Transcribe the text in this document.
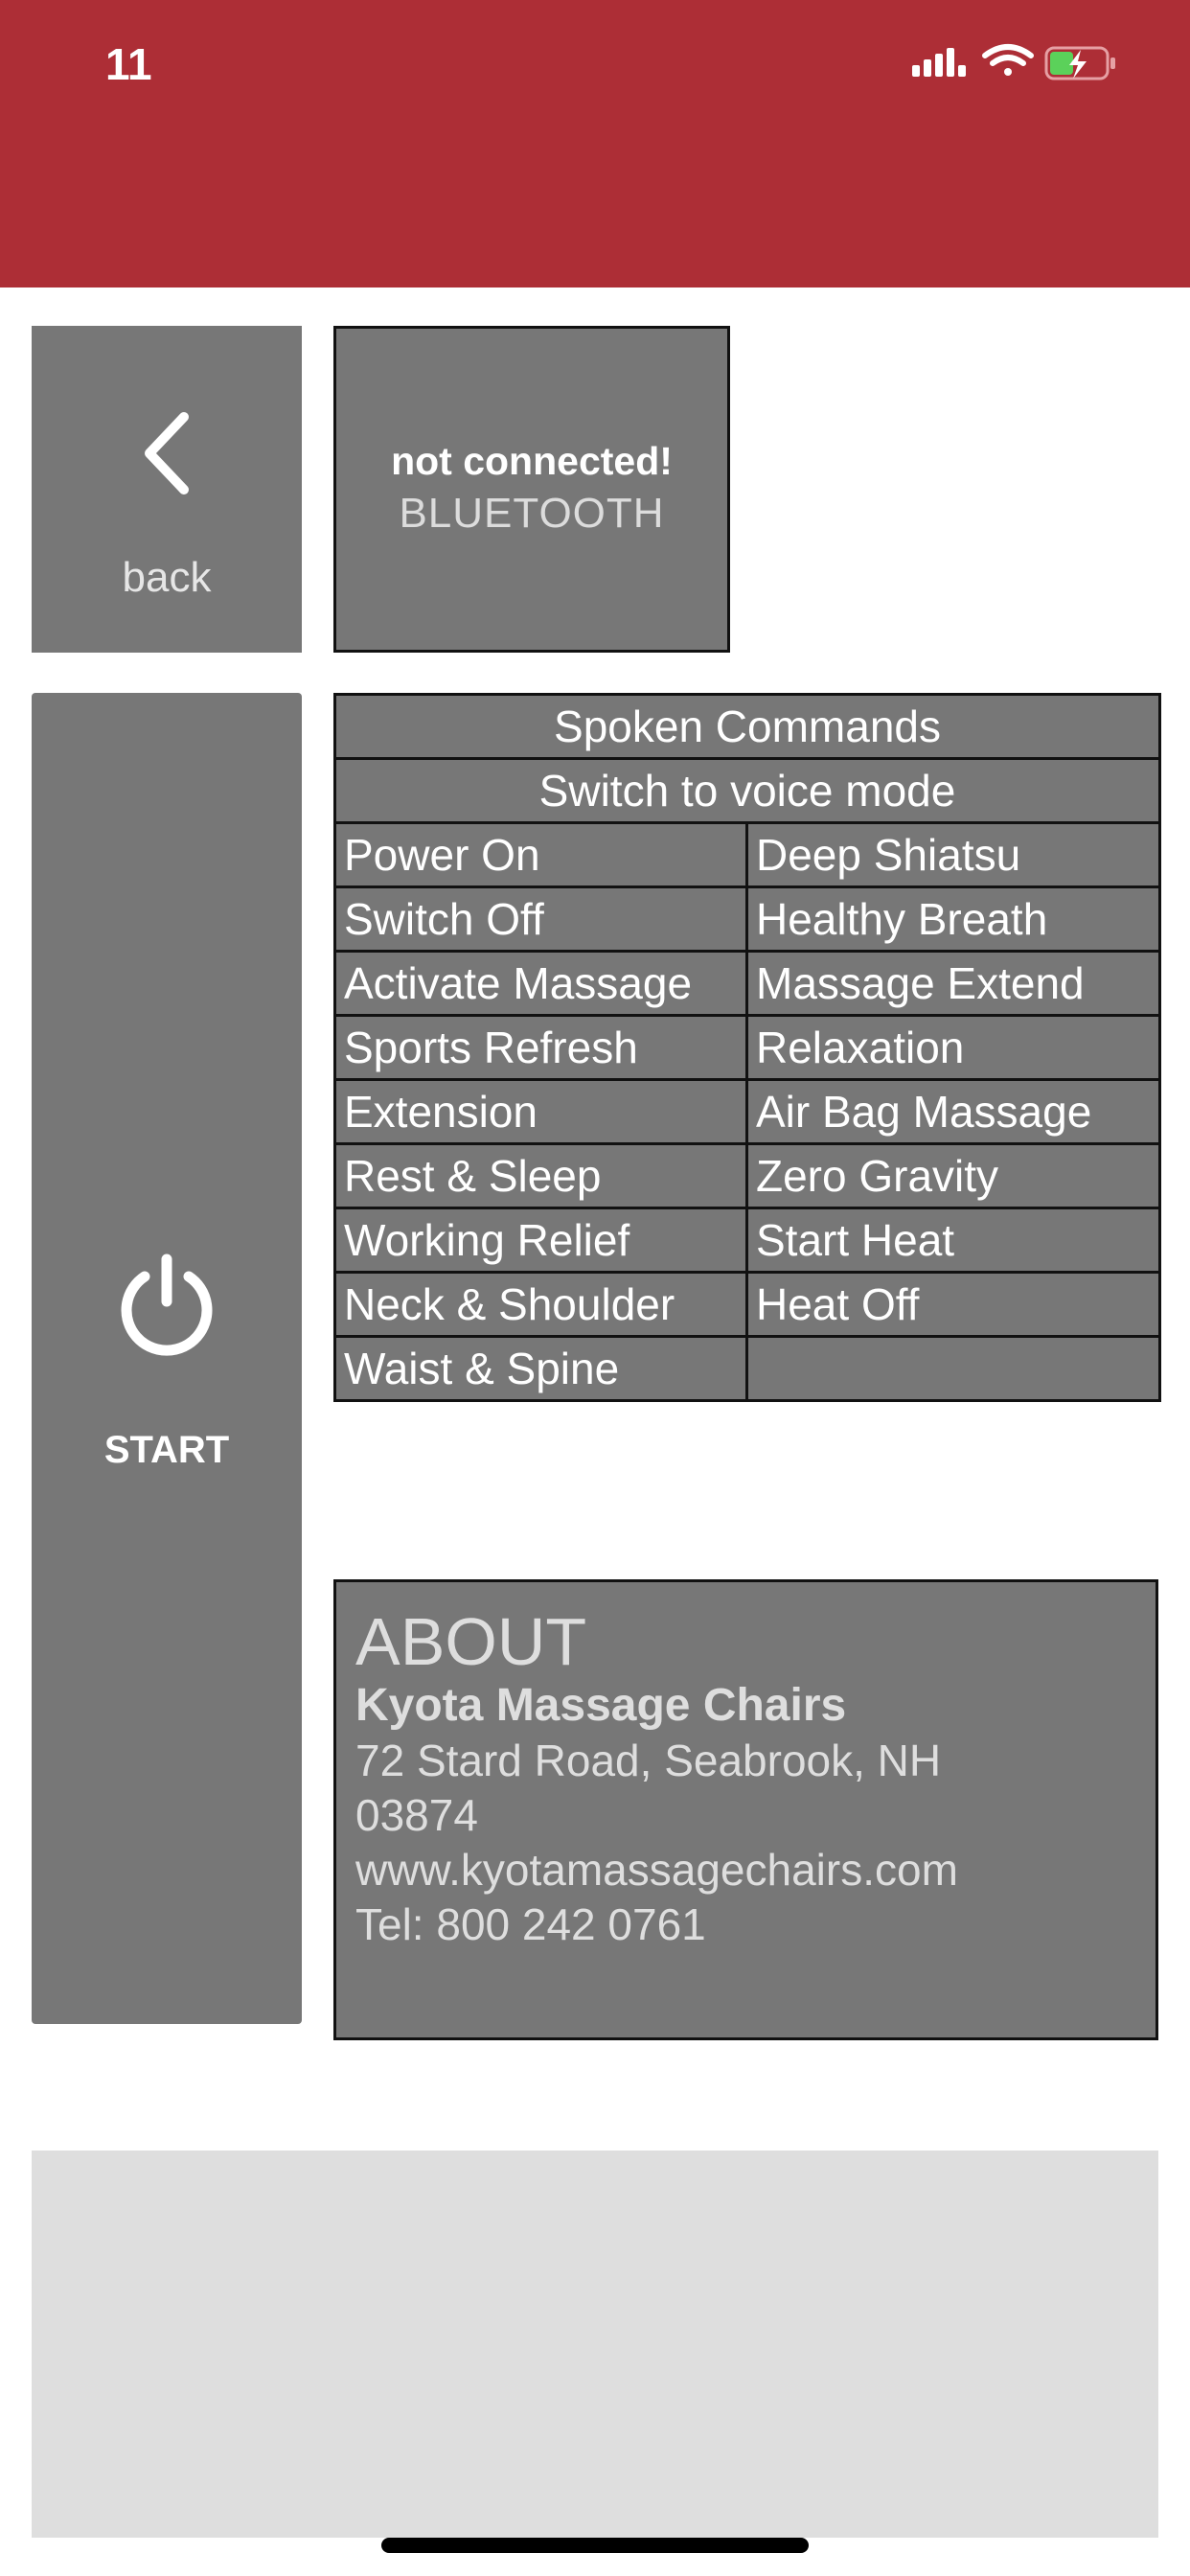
11
back
not connected!
BLUETOOTH
START
Spoken Commands	
Switch to voice mode	
Power On	Deep Shiatsu
Switch Off	Healthy Breath
Activate Massage	Massage Extend
Sports Refresh	Relaxation
Extension	Air Bag Massage
Rest & Sleep	Zero Gravity
Working Relief	Start Heat
Neck & Shoulder	Heat Off
Waist & Spine	
ABOUT
Kyota Massage Chairs
72 Stard Road, Seabrook, NH
03874
www.kyotamassagechairs.com
Tel: 800 242 0761
